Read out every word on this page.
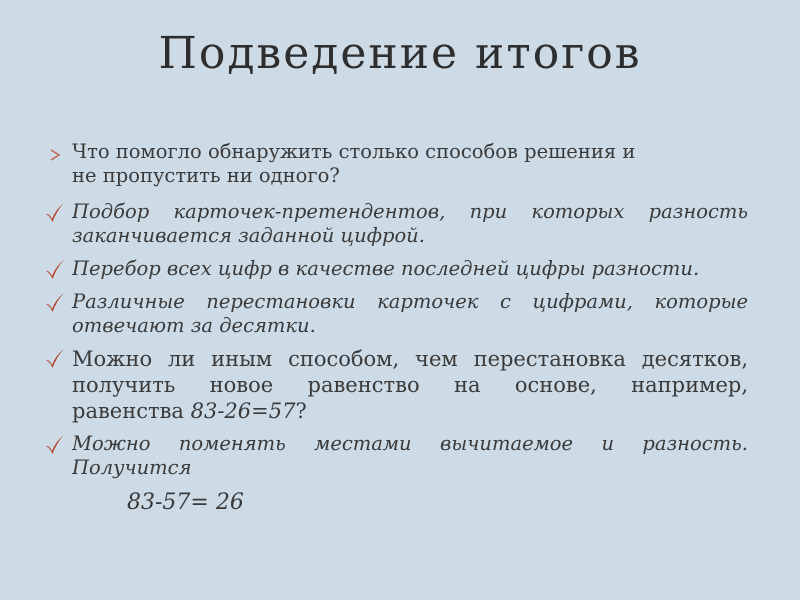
Подведение итогов
Что помогло обнаружить столько способов решения и
не пропустить ни одного?
Подбор карточек-претендентов, при которых разность
заканчивается заданной цифрой.
Перебор всех цифр в качестве последней цифры разности.
Различные перестановки карточек с цифрами, которые
отвечают за десятки.
Можно ли иным способом, чем перестановка десятков,
получить новое равенство на основе, например,
равенства 83-26=57?
Можно поменять местами вычитаемое и разность.
Получится
83-57= 26
